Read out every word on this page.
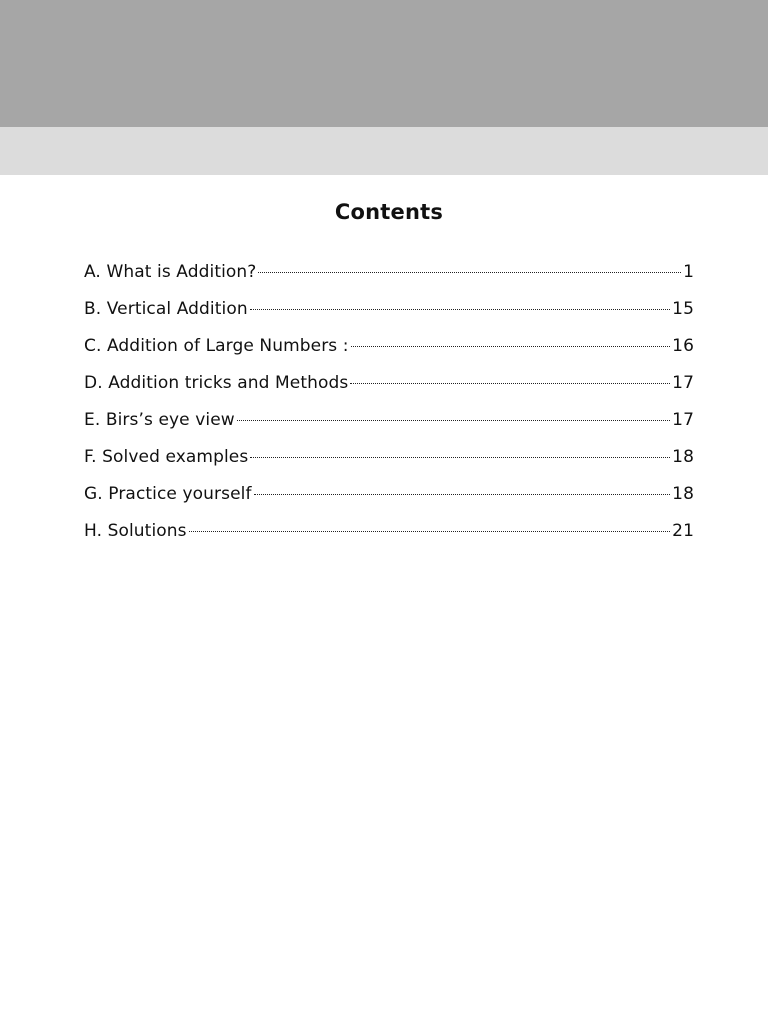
Contents
A. What is Addition?	1
B. Vertical Addition	15
C. Addition of Large Numbers :	16
D. Addition tricks and Methods	17
E. Birs’s eye view	17
F. Solved examples	18
G. Practice yourself	18
H. Solutions	21
